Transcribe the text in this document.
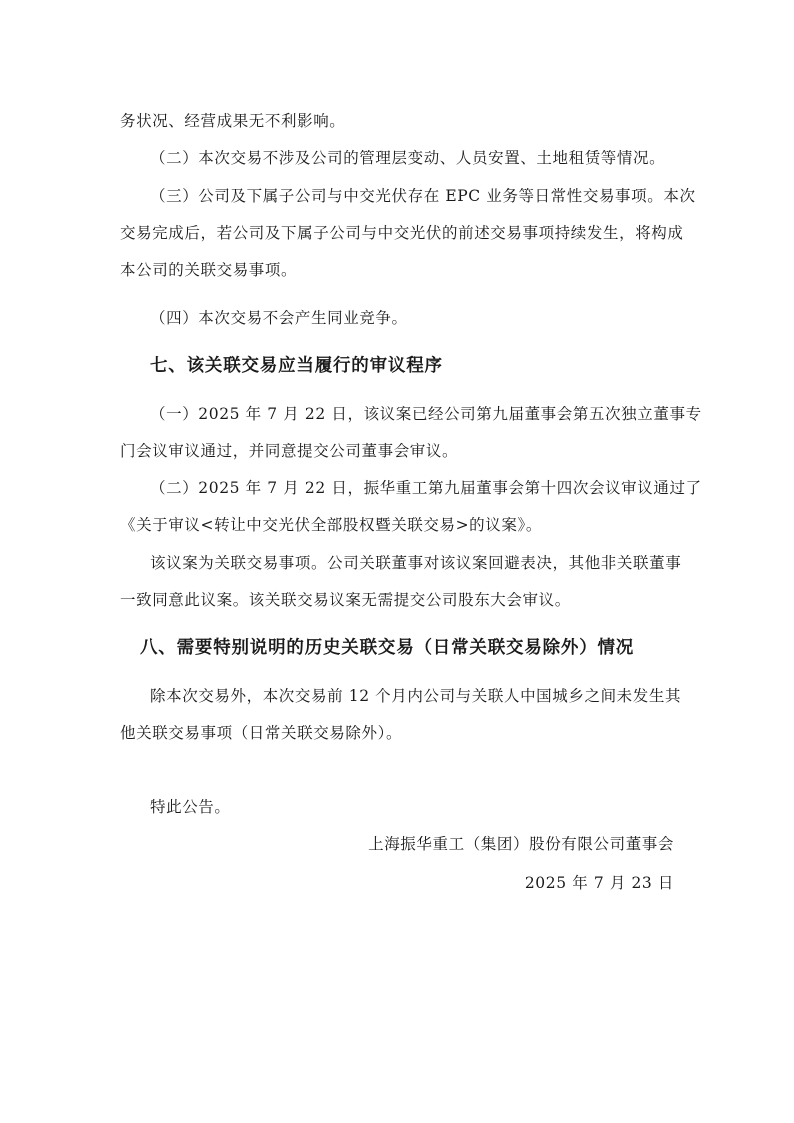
务状况、经营成果无不利影响。
（二）本次交易不涉及公司的管理层变动、人员安置、土地租赁等情况。
（三）公司及下属子公司与中交光伏存在 EPC 业务等日常性交易事项。本次
交易完成后，若公司及下属子公司与中交光伏的前述交易事项持续发生，将构成
本公司的关联交易事项。
（四）本次交易不会产生同业竞争。
七、该关联交易应当履行的审议程序
（一）2025 年 7 月 22 日，该议案已经公司第九届董事会第五次独立董事专
门会议审议通过，并同意提交公司董事会审议。
（二）2025 年 7 月 22 日，振华重工第九届董事会第十四次会议审议通过了
《关于审议<转让中交光伏全部股权暨关联交易>的议案》。
该议案为关联交易事项。公司关联董事对该议案回避表决，其他非关联董事
一致同意此议案。该关联交易议案无需提交公司股东大会审议。
八、需要特别说明的历史关联交易（日常关联交易除外）情况
除本次交易外，本次交易前 12 个月内公司与关联人中国城乡之间未发生其
他关联交易事项（日常关联交易除外）。
特此公告。
上海振华重工（集团）股份有限公司董事会
2025 年 7 月 23 日
